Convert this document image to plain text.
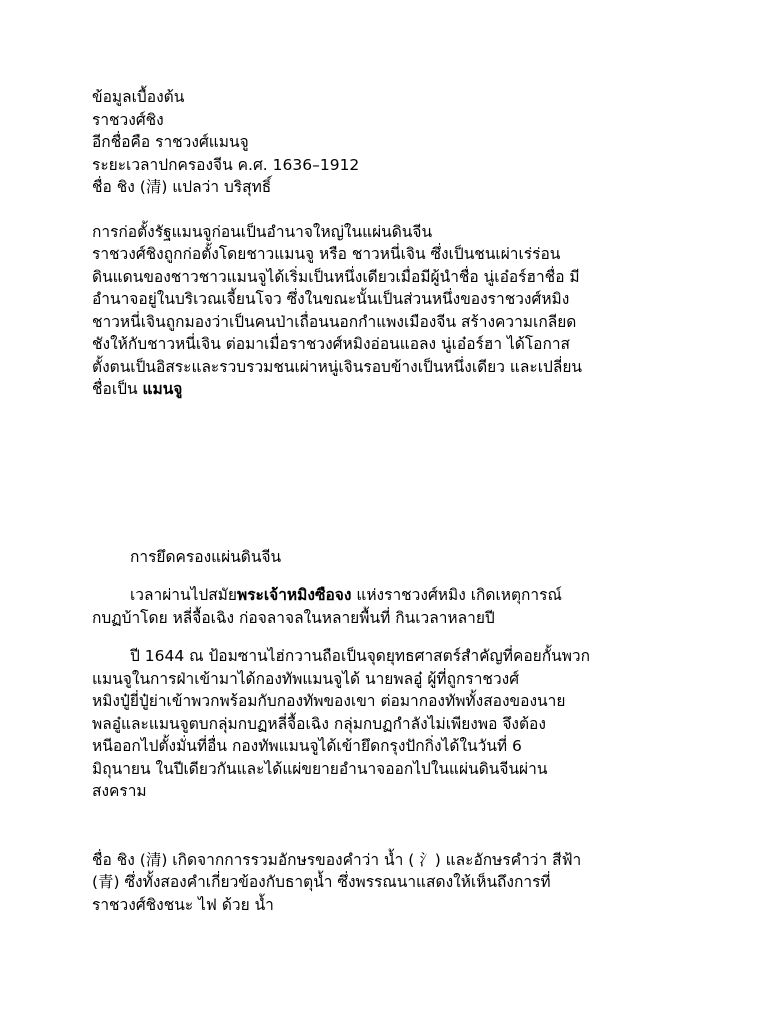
ข้อมูลเบื้องต้น
ราชวงศ์ชิง
อีกชื่อคือ ราชวงศ์แมนจู
ระยะเวลาปกครองจีน ค.ศ. 1636–1912
ชื่อ ชิง (清) แปลว่า บริสุทธิ์
การก่อตั้งรัฐแมนจูก่อนเป็นอำนาจใหญ่ในแผ่นดินจีน
ราชวงศ์ชิงถูกก่อตั้งโดยชาวแมนจู หรือ ชาวหนี่เจิน ซึ่งเป็นชนเผ่าเร่ร่อน
ดินแดนของชาวชาวแมนจูได้เริ่มเป็นหนึ่งเดียวเมื่อมีผู้นำชื่อ นู่เอ๋อร์ฮาชื่อ มี
อำนาจอยู่ในบริเวณเจี้ยนโจว ซึ่งในขณะนั้นเป็นส่วนหนึ่งของราชวงศ์หมิง
ชาวหนี่เจินถูกมองว่าเป็นคนป่าเถื่อนนอกกำแพงเมืองจีน สร้างความเกลียด
ชังให้กับชาวหนี่เจิน ต่อมาเมื่อราชวงศ์หมิงอ่อนแอลง นู่เอ๋อร์ฮา ได้โอกาส
ตั้งตนเป็นอิสระและรวบรวมชนเผ่าหนู่เจินรอบข้างเป็นหนึ่งเดียว และเปลี่ยน
ชื่อเป็น แมนจู
การยึดครองแผ่นดินจีน
เวลาผ่านไปสมัยพระเจ้าหมิงซือจง แห่งราชวงศ์หมิง เกิดเหตุการณ์
กบฏบ้าโดย หลี่จื้อเฉิง ก่อจลาจลในหลายพื้นที่ กินเวลาหลายปี
ปี 1644 ณ ป้อมซานไฮ่กวานถือเป็นจุดยุทธศาสตร์สำคัญที่คอยกั้นพวก
แมนจูในการฝ่าเข้ามาได้กองทัพแมนจูได้ นายพลอู๋ ผู้ที่ถูกราชวงศ์
หมิงปู๋ยี่ปู๋ย่าเข้าพวกพร้อมกับกองทัพของเขา ต่อมากองทัพทั้งสองของนาย
พลอู๋และแมนจูตบกลุ่มกบฏหลี่จื้อเฉิง กลุ่มกบฏกำลังไม่เพียงพอ จึงต้อง
หนีออกไปตั้งมั่นที่อื่น กองทัพแมนจูได้เข้ายึดกรุงปักกิ่งได้ในวันที่ 6
มิถุนายน ในปีเดียวกันและได้แผ่ขยายอำนาจออกไปในแผ่นดินจีนผ่าน
สงคราม
ชื่อ ชิง (清) เกิดจากการรวมอักษรของคำว่า น้ำ ( 氵) และอักษรคำว่า สีฟ้า
(青) ซึ่งทั้งสองคำเกี่ยวข้องกับธาตุน้ำ ซึ่งพรรณนาแสดงให้เห็นถึงการที่
ราชวงศ์ชิงชนะ ไฟ ด้วย น้ำ
